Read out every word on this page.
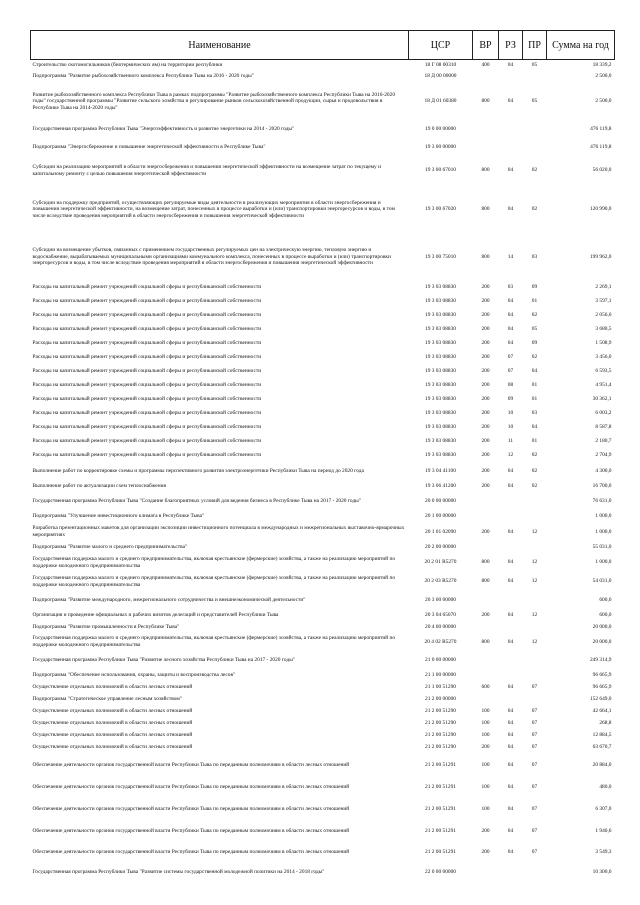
Наименование	ЦСР	ВР	РЗ	ПР	Сумма на год
Строительство скотомогильников (биотермических ям) на территории республики	18 Г 08 00310	400	04	05	18 339,2
Подпрограмма "Развитие рыбохозяйственного комплекса Республики Тыва на 2016 - 2020 годы"	18 Д 00 00000				2 500,0
Развитие рыбохозяйственного комплекса Республики Тыва в рамках подпрограммы "Развитие рыбохозяйственного комплекса Республики Тыва на 2016-2020 годы" государственной программы "Развитие сельского хозяйства и регулирование рынков сельскохозяйственной продукции, сырья и продовольствия в Республике Тыва на 2014-2020 годы"	18 Д 01 60380	800	04	05	2 500,0
Государственная программа Республики Тыва "Энергоэффективность и развитие энергетики на 2014 - 2020 годы"	19 0 00 00000				476 119,8
Подпрограмма "Энергосбережение и повышение энергетической эффективности в Республике Тыва"	19 3 00 00000				476 119,8
Субсидии на реализацию мероприятий в области энергосбережения и повышения энергетической эффективности на возмещение затрат по текущему и капитальному ремонту с целью повышения энергетической эффективности	19 3 00 67010	800	04	02	56 020,0
Субсидии на поддержку предприятий, осуществляющих регулируемые виды деятельности в реализующих мероприятия в области энергосбережения и повышения энергетической эффективности, на возмещение затрат, понесенных в процессе выработки и (или) транспортировки энергоресурсов и воды, в том числе вследствие проведения мероприятий в области энергосбережения и повышения энергетической эффективности	19 3 00 67020	800	04	02	120 990,0
Субсидии на возмещение убытков, связанных с применением государственных регулируемых цен на электрическую энергию, тепловую энергию и водоснабжение, вырабатываемых муниципальными организациями коммунального комплекса, понесенных в процессе выработки и (или) транспортировки энергоресурсов и воды, в том числе вследствие проведения мероприятий в области энергосбережения и повышения энергетической эффективности	19 3 00 75010	800	14	03	199 962,0
Расходы на капитальный ремонт учреждений социальной сферы и республиканской собственности	19 3 03 08830	200	03	09	2 269,1
Расходы на капитальный ремонт учреждений социальной сферы и республиканской собственности	19 3 03 08830	200	04	01	3 597,1
Расходы на капитальный ремонт учреждений социальной сферы и республиканской собственности	19 3 03 08830	200	04	02	2 056,6
Расходы на капитальный ремонт учреждений социальной сферы и республиканской собственности	19 3 03 08830	200	04	05	3 680,5
Расходы на капитальный ремонт учреждений социальной сферы и республиканской собственности	19 3 03 08830	200	04	09	1 508,9
Расходы на капитальный ремонт учреждений социальной сферы и республиканской собственности	19 3 03 08830	200	07	02	3 456,0
Расходы на капитальный ремонт учреждений социальной сферы и республиканской собственности	19 3 03 08830	200	07	04	6 593,5
Расходы на капитальный ремонт учреждений социальной сферы и республиканской собственности	19 3 03 08830	200	08	01	4 951,4
Расходы на капитальный ремонт учреждений социальной сферы и республиканской собственности	19 3 03 08830	200	09	01	30 362,1
Расходы на капитальный ремонт учреждений социальной сферы и республиканской собственности	19 3 03 08830	200	10	03	6 003,2
Расходы на капитальный ремонт учреждений социальной сферы и республиканской собственности	19 3 03 08830	200	10	04	8 587,8
Расходы на капитальный ремонт учреждений социальной сферы и республиканской собственности	19 3 03 08830	200	11	01	2 180,7
Расходы на капитальный ремонт учреждений социальной сферы и республиканской собственности	19 3 03 08830	200	12	02	2 704,9
Выполнение работ по корректировке схемы и программы перспективного развития электроэнергетики Республики Тыва на период до 2020 года	19 3 04 41100	200	04	02	4 300,0
Выполнение работ по актуализации схем теплоснабжения	19 3 06 41200	200	04	02	16 700,0
Государственная программа Республики Тыва "Создание благоприятных условий для ведения бизнеса в Республике Тыва на 2017 - 2020 годы"	20 0 00 00000				76 631,0
Подпрограмма "Улучшение инвестиционного климата в Республике Тыва"	20 1 00 00000				1 000,0
Разработка презентационных макетов для организации экспозиции инвестиционного потенциала в международных и межрегиональных выставочно-ярмарочных мероприятиях	20 1 01 02090	200	04	12	1 000,0
Подпрограмма "Развитие малого и среднего предпринимательства"	20 2 00 00000				55 031,0
Государственная поддержка малого и среднего предпринимательства, включая крестьянские (фермерские) хозяйства, а также на реализацию мероприятий по поддержке молодежного предпринимательства	20 2 01 R5270	800	04	12	1 000,0
Государственная поддержка малого и среднего предпринимательства, включая крестьянские (фермерские) хозяйства, а также на реализацию мероприятий по поддержке молодежного предпринимательства	20 2 03 R5270	800	04	12	54 031,0
Подпрограмма "Развитие международного, межрегионального сотрудничества и внешнеэкономической деятельности"	20 3 00 00000				600,0
Организация и проведение официальных и рабочих визитов делегаций и представителей Республики Тыва	20 3 04 65070	200	04	12	600,0
Подпрограмма "Развитие промышленности в Республике Тыва"	20 4 00 00000				20 000,0
Государственная поддержка малого и среднего предпринимательства, включая крестьянские (фермерские) хозяйства, а также на реализацию мероприятий по поддержке молодежного предпринимательства	20 4 02 R5270	800	04	12	20 000,0
Государственная программа Республики Тыва "Развитие лесного хозяйства Республики Тыва на 2017 - 2020 годы"	21 0 00 00000				249 314,9
Подпрограмма "Обеспечение использования, охраны, защиты и воспроизводства лесов"	21 1 00 00000				96 665,9
Осуществление отдельных полномочий в области лесных отношений	21 1 00 51290	600	04	07	96 665,9
Подпрограмма "Стратегическое управление лесным хозяйством"	21 2 00 00000				152 649,0
Осуществление отдельных полномочий в области лесных отношений	21 2 00 51290	100	04	07	42 664,1
Осуществление отдельных полномочий в области лесных отношений	21 2 00 51290	100	04	07	268,8
Осуществление отдельных полномочий в области лесных отношений	21 2 00 51290	100	04	07	12 884,5
Осуществление отдельных полномочий в области лесных отношений	21 2 00 51290	200	04	07	63 670,7
Обеспечение деятельности органов государственной власти Республики Тыва по переданным полномочиям в области лесных отношений	21 2 00 51291	100	04	07	20 884,0
Обеспечение деятельности органов государственной власти Республики Тыва по переданным полномочиям в области лесных отношений	21 2 00 51291	100	04	07	480,0
Обеспечение деятельности органов государственной власти Республики Тыва по переданным полномочиям в области лесных отношений	21 2 00 51291	100	04	07	6 307,0
Обеспечение деятельности органов государственной власти Республики Тыва по переданным полномочиям в области лесных отношений	21 2 00 51291	200	04	07	1 940,6
Обеспечение деятельности органов государственной власти Республики Тыва по переданным полномочиям в области лесных отношений	21 2 00 51291	200	04	07	3 549,3
Государственная программа Республики Тыва "Развитие системы государственной молодежной политики на 2014 - 2018 годы"	22 0 00 00000				10 300,0
